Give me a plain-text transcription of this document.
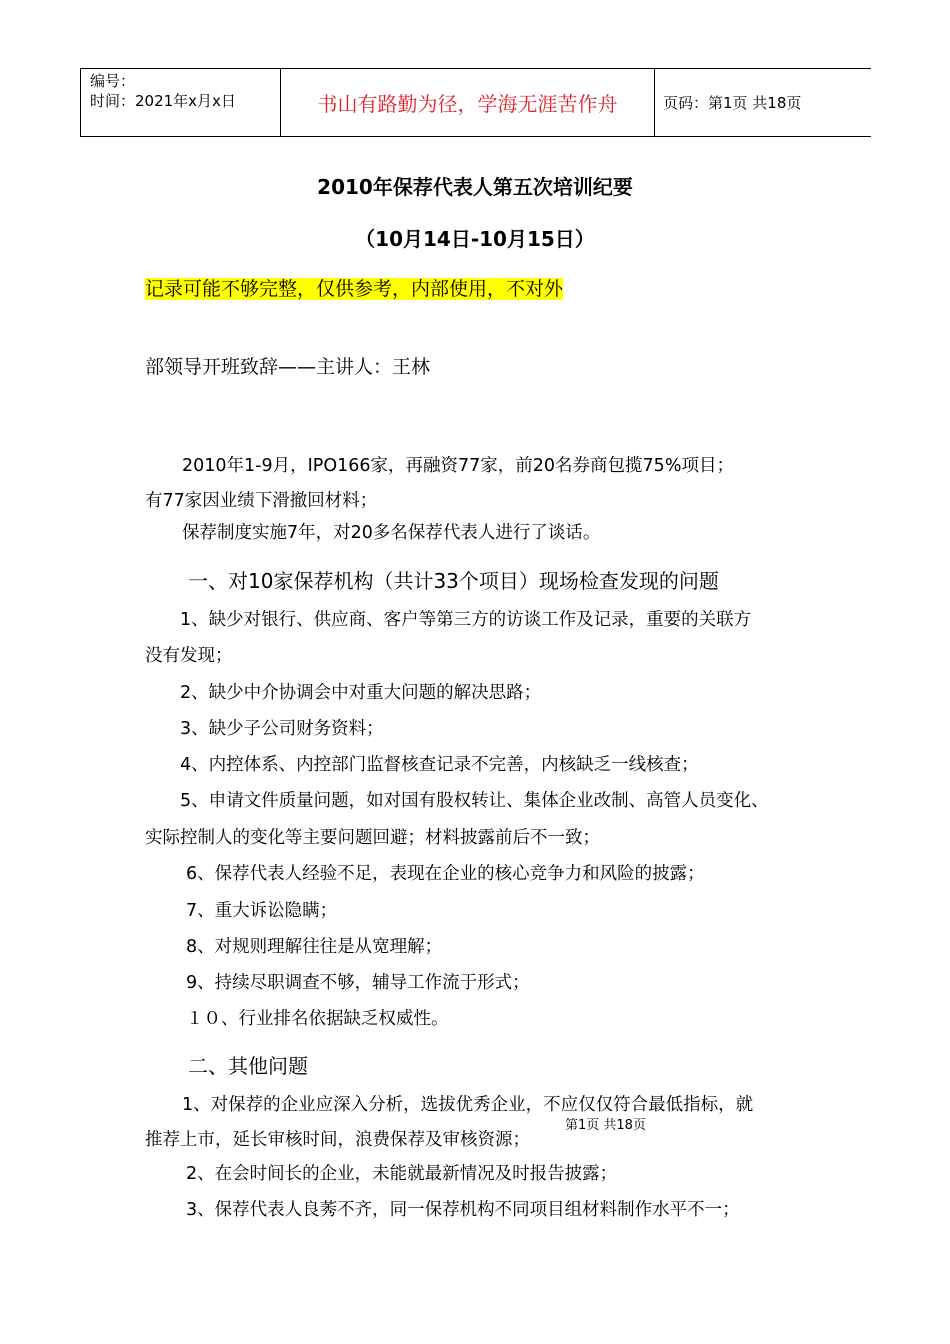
编号：
时间：2021年x月x日	书山有路勤为径，学海无涯苦作舟	页码：第1页 共18页
2010年保荐代表人第五次培训纪要
（10月14日-10月15日）
记录可能不够完整，仅供参考，内部使用，不对外
部领导开班致辞——主讲人：王林
2010年1-9月，IPO166家，再融资77家，前20名券商包揽75%项目；
有77家因业绩下滑撤回材料；
保荐制度实施7年，对20多名保荐代表人进行了谈话。
一、对10家保荐机构（共计33个项目）现场检查发现的问题
1、缺少对银行、供应商、客户等第三方的访谈工作及记录，重要的关联方
没有发现；
2、缺少中介协调会中对重大问题的解决思路；
3、缺少子公司财务资料；
4、内控体系、内控部门监督核查记录不完善，内核缺乏一线核查；
5、申请文件质量问题，如对国有股权转让、集体企业改制、高管人员变化、
实际控制人的变化等主要问题回避；材料披露前后不一致；
6、保荐代表人经验不足，表现在企业的核心竞争力和风险的披露；
7、重大诉讼隐瞒；
8、对规则理解往往是从宽理解；
9、持续尽职调查不够，辅导工作流于形式；
１０、行业排名依据缺乏权威性。
二、其他问题
1、对保荐的企业应深入分析，选拔优秀企业，不应仅仅符合最低指标，就
推荐上市，延长审核时间，浪费保荐及审核资源；
2、在会时间长的企业，未能就最新情况及时报告披露；
3、保荐代表人良莠不齐，同一保荐机构不同项目组材料制作水平不一；
第1页 共18页
